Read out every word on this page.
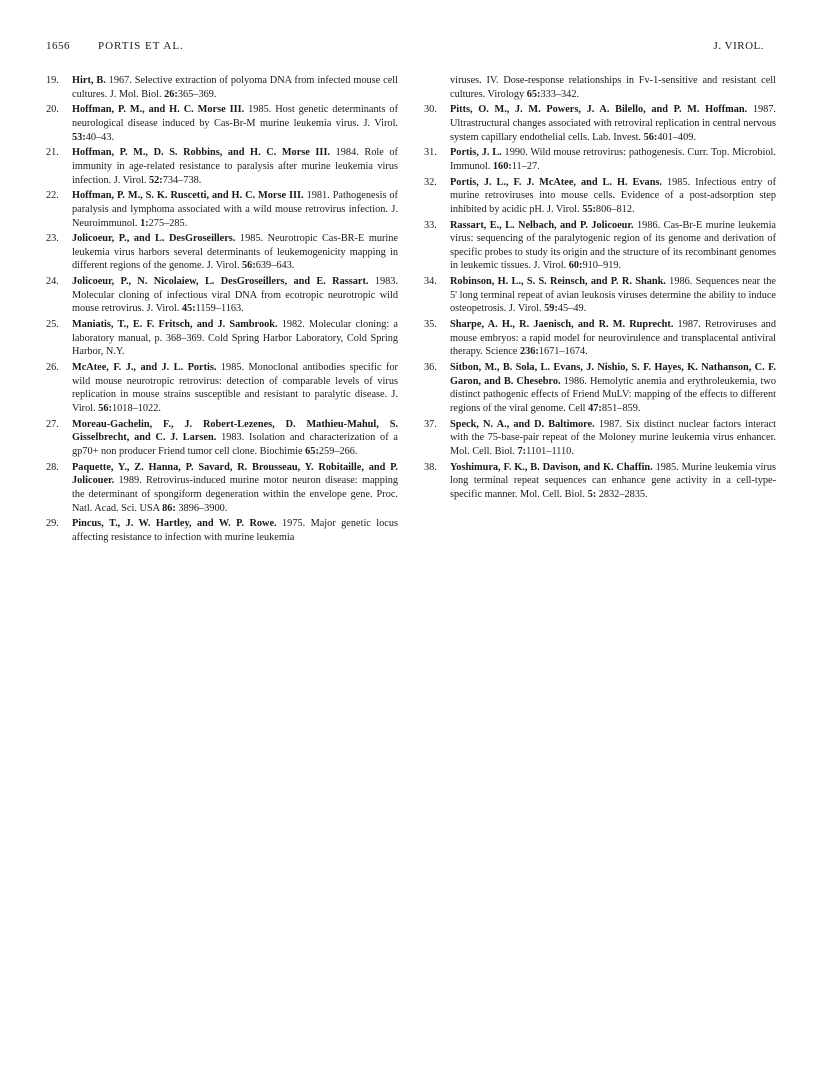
1656	PORTIS ET AL.	J. VIROL.
19.	Hirt, B. 1967. Selective extraction of polyoma DNA from infected mouse cell cultures. J. Mol. Biol. 26:365–369.
20.	Hoffman, P. M., and H. C. Morse III. 1985. Host genetic determinants of neurological disease induced by Cas-Br-M murine leukemia virus. J. Virol. 53:40–43.
21.	Hoffman, P. M., D. S. Robbins, and H. C. Morse III. 1984. Role of immunity in age-related resistance to paralysis after murine leukemia virus infection. J. Virol. 52:734–738.
22.	Hoffman, P. M., S. K. Ruscetti, and H. C. Morse III. 1981. Pathogenesis of paralysis and lymphoma associated with a wild mouse retrovirus infection. J. Neuroimmunol. 1:275–285.
23.	Jolicoeur, P., and L. DesGroseillers. 1985. Neurotropic Cas-BR-E murine leukemia virus harbors several determinants of leukemogenicity mapping in different regions of the genome. J. Virol. 56:639–643.
24.	Jolicoeur, P., N. Nicolaiew, L. DesGroseillers, and E. Rassart. 1983. Molecular cloning of infectious viral DNA from ecotropic neurotropic wild mouse retrovirus. J. Virol. 45:1159–1163.
25.	Maniatis, T., E. F. Fritsch, and J. Sambrook. 1982. Molecular cloning: a laboratory manual, p. 368–369. Cold Spring Harbor Laboratory, Cold Spring Harbor, N.Y.
26.	McAtee, F. J., and J. L. Portis. 1985. Monoclonal antibodies specific for wild mouse neurotropic retrovirus: detection of comparable levels of virus replication in mouse strains susceptible and resistant to paralytic disease. J. Virol. 56:1018–1022.
27.	Moreau-Gachelin, F., J. Robert-Lezenes, D. Mathieu-Mahul, S. Gisselbrecht, and C. J. Larsen. 1983. Isolation and characterization of a gp70+ non producer Friend tumor cell clone. Biochimie 65:259–266.
28.	Paquette, Y., Z. Hanna, P. Savard, R. Brousseau, Y. Robitaille, and P. Jolicouer. 1989. Retrovirus-induced murine motor neuron disease: mapping the determinant of spongiform degeneration within the envelope gene. Proc. Natl. Acad. Sci. USA 86: 3896–3900.
29.	Pincus, T., J. W. Hartley, and W. P. Rowe. 1975. Major genetic locus affecting resistance to infection with murine leukemia
viruses. IV. Dose-response relationships in Fv-1-sensitive and resistant cell cultures. Virology 65:333–342.
30.	Pitts, O. M., J. M. Powers, J. A. Bilello, and P. M. Hoffman. 1987. Ultrastructural changes associated with retroviral replication in central nervous system capillary endothelial cells. Lab. Invest. 56:401–409.
31.	Portis, J. L. 1990. Wild mouse retrovirus: pathogenesis. Curr. Top. Microbiol. Immunol. 160:11–27.
32.	Portis, J. L., F. J. McAtee, and L. H. Evans. 1985. Infectious entry of murine retroviruses into mouse cells. Evidence of a post-adsorption step inhibited by acidic pH. J. Virol. 55:806–812.
33.	Rassart, E., L. Nelbach, and P. Jolicoeur. 1986. Cas-Br-E murine leukemia virus: sequencing of the paralytogenic region of its genome and derivation of specific probes to study its origin and the structure of its recombinant genomes in leukemic tissues. J. Virol. 60:910–919.
34.	Robinson, H. L., S. S. Reinsch, and P. R. Shank. 1986. Sequences near the 5' long terminal repeat of avian leukosis viruses determine the ability to induce osteopetrosis. J. Virol. 59:45–49.
35.	Sharpe, A. H., R. Jaenisch, and R. M. Ruprecht. 1987. Retroviruses and mouse embryos: a rapid model for neurovirulence and transplacental antiviral therapy. Science 236:1671–1674.
36.	Sitbon, M., B. Sola, L. Evans, J. Nishio, S. F. Hayes, K. Nathanson, C. F. Garon, and B. Chesebro. 1986. Hemolytic anemia and erythroleukemia, two distinct pathogenic effects of Friend MuLV: mapping of the effects to different regions of the viral genome. Cell 47:851–859.
37.	Speck, N. A., and D. Baltimore. 1987. Six distinct nuclear factors interact with the 75-base-pair repeat of the Moloney murine leukemia virus enhancer. Mol. Cell. Biol. 7:1101–1110.
38.	Yoshimura, F. K., B. Davison, and K. Chaffin. 1985. Murine leukemia virus long terminal repeat sequences can enhance gene activity in a cell-type-specific manner. Mol. Cell. Biol. 5: 2832–2835.
